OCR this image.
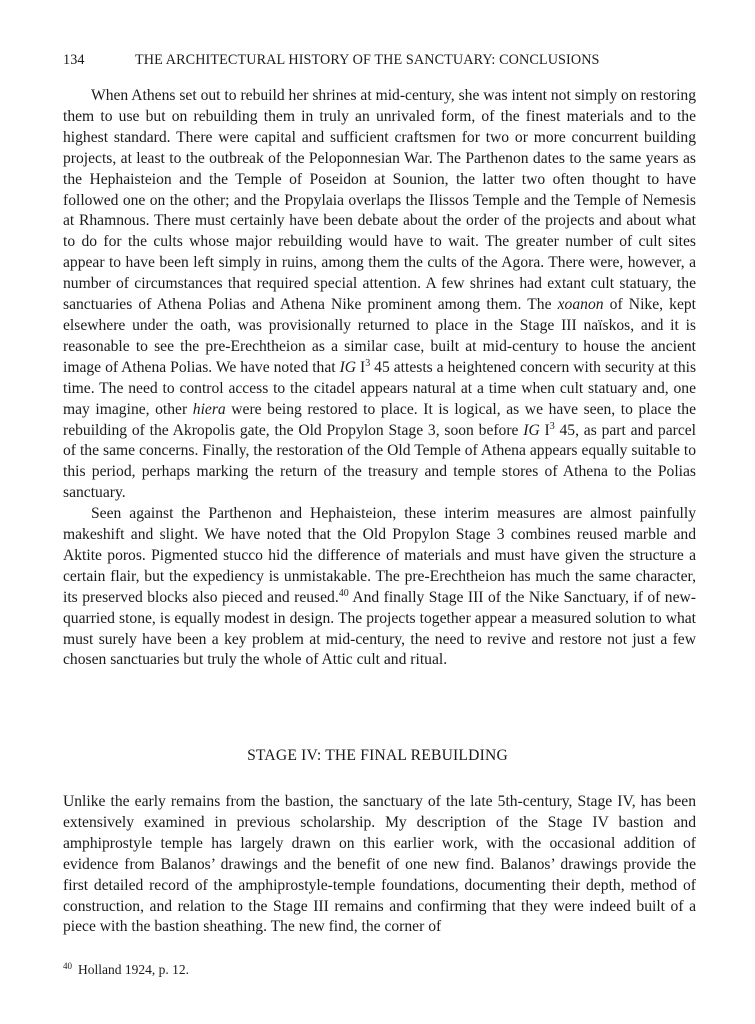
134	THE ARCHITECTURAL HISTORY OF THE SANCTUARY: CONCLUSIONS

When Athens set out to rebuild her shrines at mid-century, she was intent not simply on restoring them to use but on rebuilding them in truly an unrivaled form, of the finest materials and to the highest standard. There were capital and sufficient craftsmen for two or more concurrent building projects, at least to the outbreak of the Peloponnesian War. The Parthenon dates to the same years as the Hephaisteion and the Temple of Poseidon at Sounion, the latter two often thought to have followed one on the other; and the Propylaia overlaps the Ilissos Temple and the Temple of Nemesis at Rhamnous. There must certainly have been debate about the order of the projects and about what to do for the cults whose major rebuilding would have to wait. The greater number of cult sites appear to have been left simply in ruins, among them the cults of the Agora. There were, however, a number of circumstances that required special attention. A few shrines had extant cult statuary, the sanctuaries of Athena Polias and Athena Nike prominent among them. The xoanon of Nike, kept elsewhere under the oath, was provisionally returned to place in the Stage III naïskos, and it is reasonable to see the pre-Erechtheion as a similar case, built at mid-century to house the ancient image of Athena Polias. We have noted that IG $I^3$ 45 attests a heightened concern with security at this time. The need to control access to the citadel appears natural at a time when cult statuary and, one may imagine, other hiera were being restored to place. It is logical, as we have seen, to place the rebuilding of the Akropolis gate, the Old Propylon Stage 3, soon before IG $I^3$ 45, as part and parcel of the same concerns. Finally, the restoration of the Old Temple of Athena appears equally suitable to this period, perhaps marking the return of the treasury and temple stores of Athena to the Polias sanctuary.

Seen against the Parthenon and Hephaisteion, these interim measures are almost painfully makeshift and slight. We have noted that the Old Propylon Stage 3 combines reused marble and Aktite poros. Pigmented stucco hid the difference of materials and must have given the structure a certain flair, but the expediency is unmistakable. The pre-Erechtheion has much the same character, its preserved blocks also pieced and reused.$^{40}$ And finally Stage III of the Nike Sanctuary, if of new-quarried stone, is equally modest in design. The projects together appear a measured solution to what must surely have been a key problem at mid-century, the need to revive and restore not just a few chosen sanctuaries but truly the whole of Attic cult and ritual.

STAGE IV: THE FINAL REBUILDING

Unlike the early remains from the bastion, the sanctuary of the late 5th-century, Stage IV, has been extensively examined in previous scholarship. My description of the Stage IV bastion and amphiprostyle temple has largely drawn on this earlier work, with the occasional addition of evidence from Balanos’ drawings and the benefit of one new find. Balanos’ drawings provide the first detailed record of the amphiprostyle-temple foundations, documenting their depth, method of construction, and relation to the Stage III remains and confirming that they were indeed built of a piece with the bastion sheathing. The new find, the corner of

$^{40}$ Holland 1924, p. 12.
